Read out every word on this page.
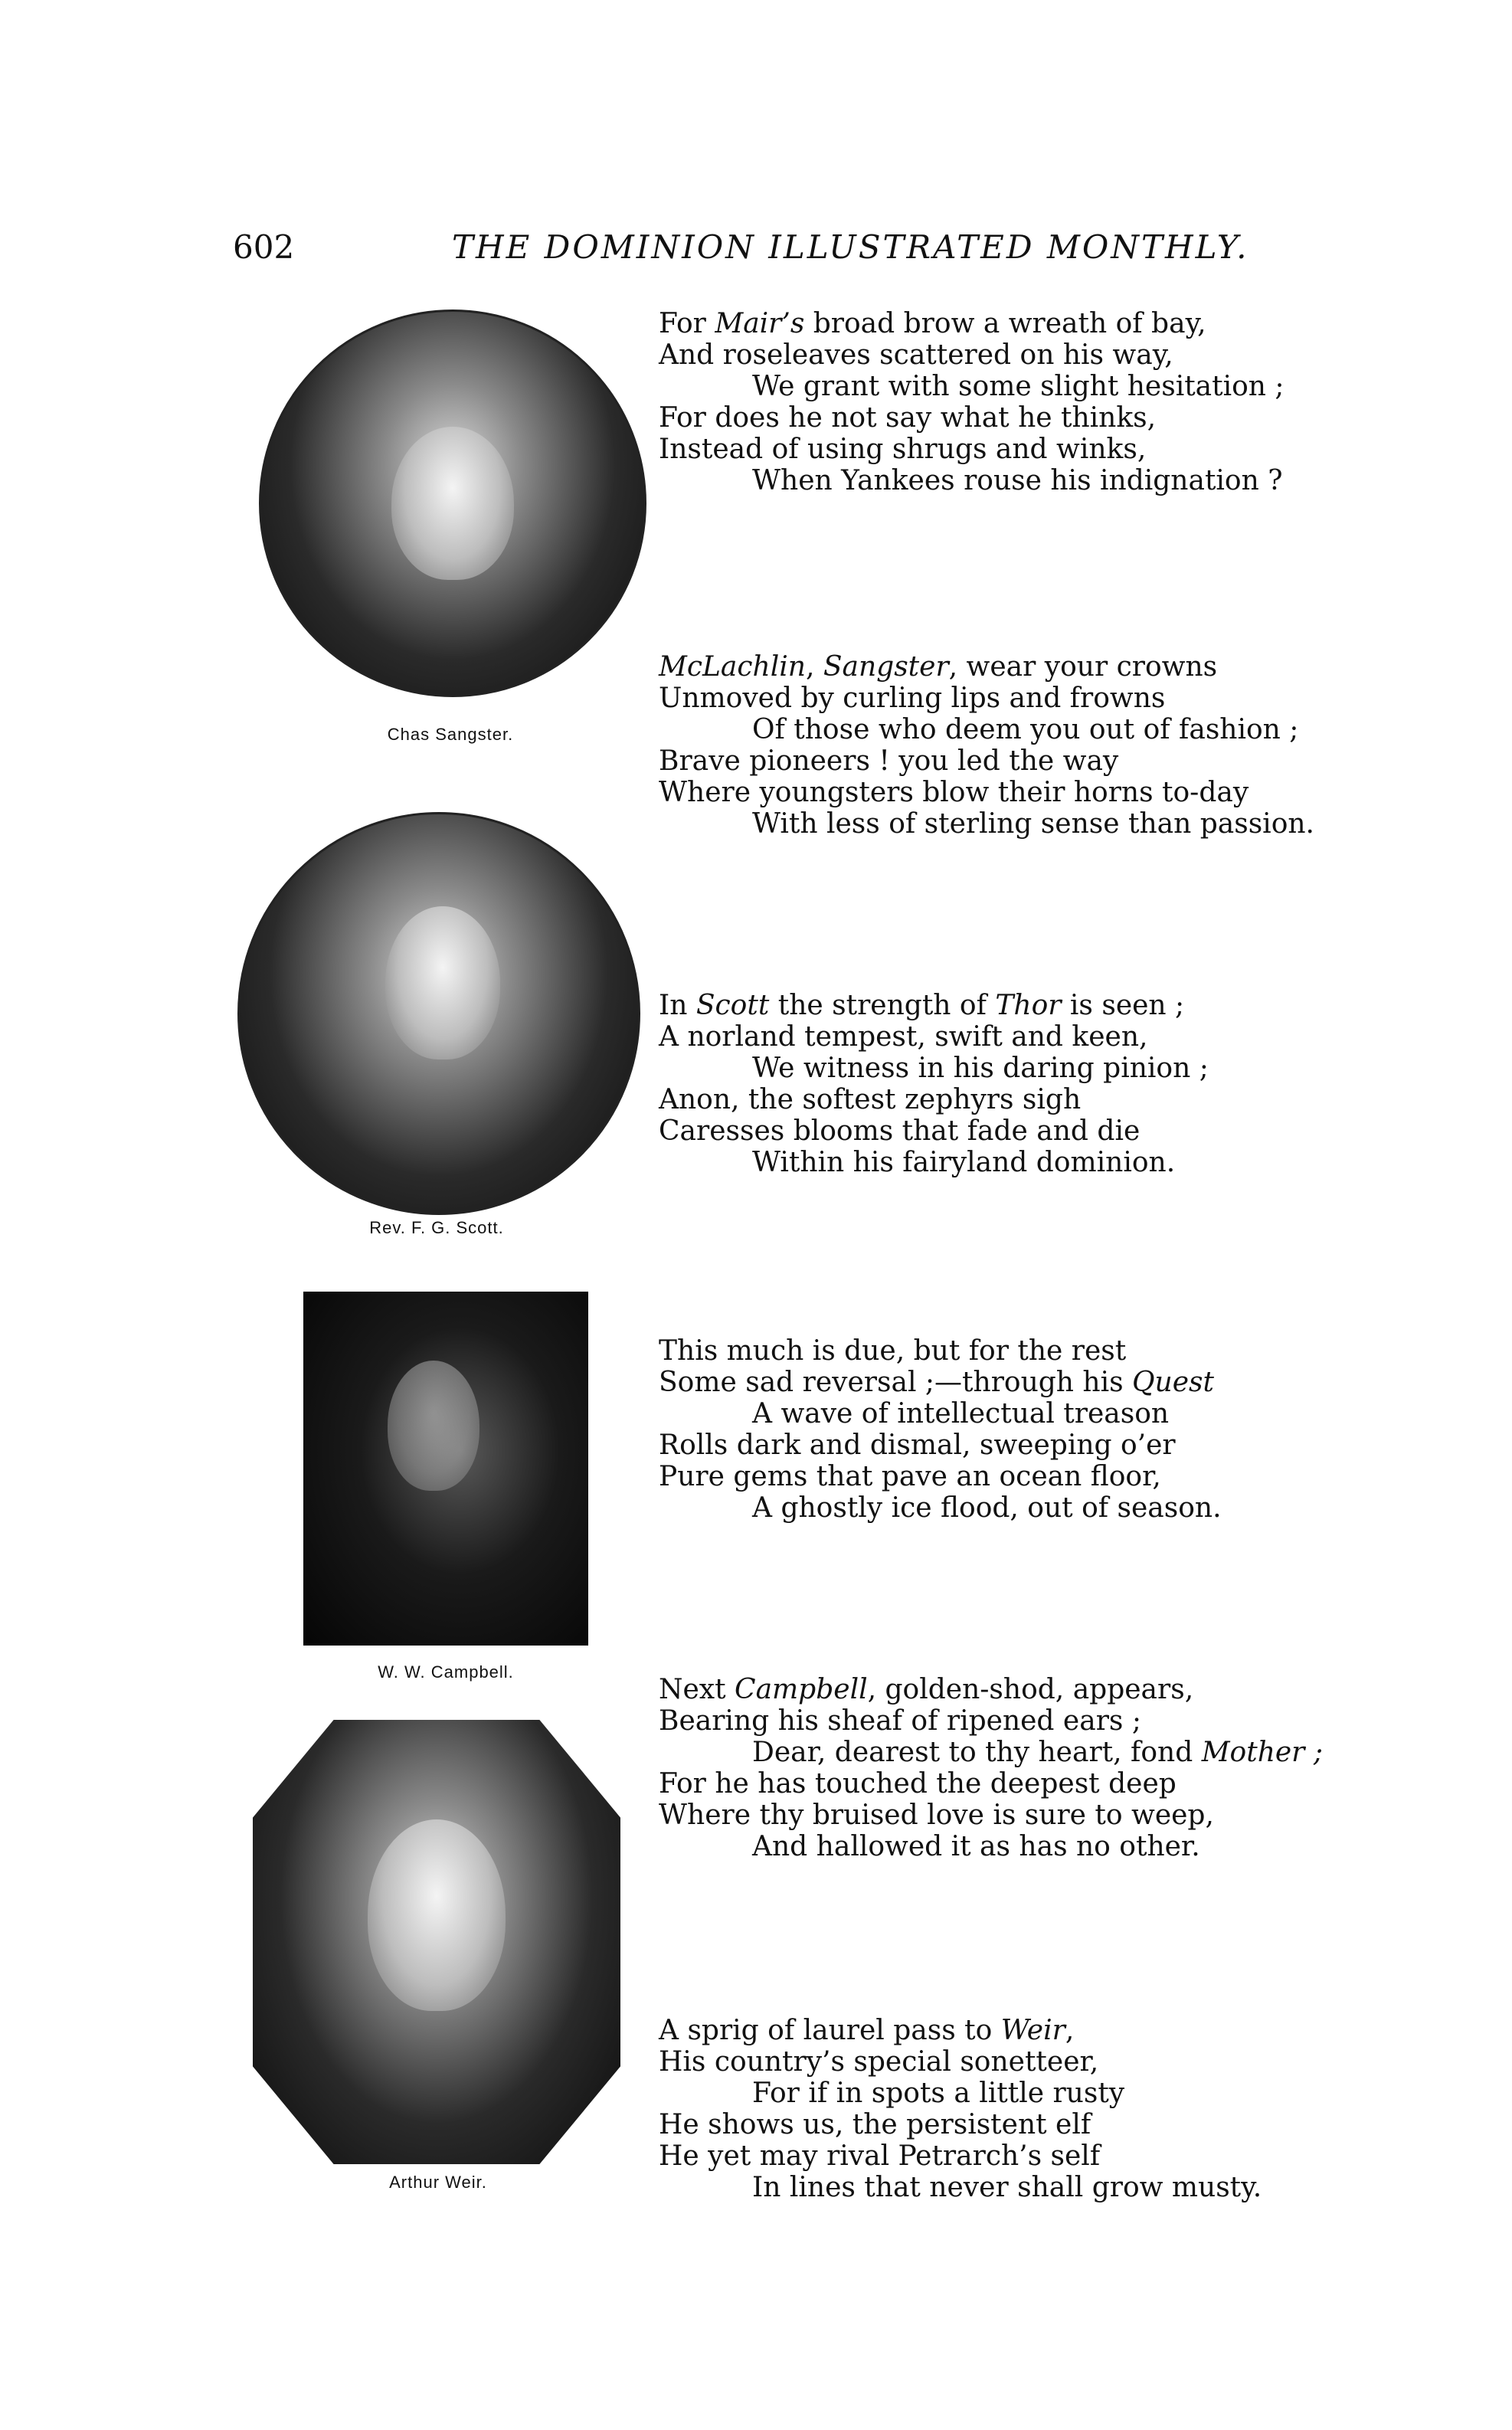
602	THE DOMINION ILLUSTRATED MONTHLY.
Chas Sangster.
Rev. F. G. Scott.
W. W. Campbell.
Arthur Weir.
For Mair’s broad brow a wreath of bay,
And roseleaves scattered on his way,
We grant with some slight hesitation ;
For does he not say what he thinks,
Instead of using shrugs and winks,
When Yankees rouse his indignation ?
McLachlin, Sangster, wear your crowns
Unmoved by curling lips and frowns
Of those who deem you out of fashion ;
Brave pioneers ! you led the way
Where youngsters blow their horns to-day
With less of sterling sense than passion.
In Scott the strength of Thor is seen ;
A norland tempest, swift and keen,
We witness in his daring pinion ;
Anon, the softest zephyrs sigh
Caresses blooms that fade and die
Within his fairyland dominion.
This much is due, but for the rest
Some sad reversal ;—through his Quest
A wave of intellectual treason
Rolls dark and dismal, sweeping o’er
Pure gems that pave an ocean floor,
A ghostly ice flood, out of season.
Next Campbell, golden-shod, appears,
Bearing his sheaf of ripened ears ;
Dear, dearest to thy heart, fond Mother ;
For he has touched the deepest deep
Where thy bruised love is sure to weep,
And hallowed it as has no other.
A sprig of laurel pass to Weir,
His country’s special sonetteer,
For if in spots a little rusty
He shows us, the persistent elf
He yet may rival Petrarch’s self
In lines that never shall grow musty.
